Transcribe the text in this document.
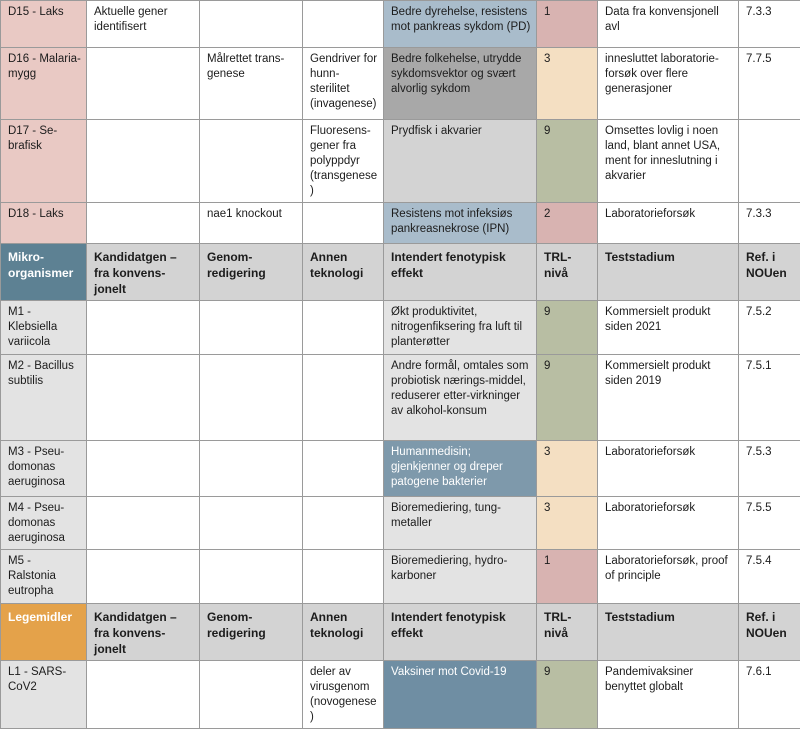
D15 - Laks	Aktuelle gener identifisert			Bedre dyrehelse, resistens mot pankreas sykdom (PD)	1	Data fra konvensjonell avl	7.3.3
D16 - Malaria-mygg		Målrettet trans-genese	Gendriver for hunn-sterilitet (invagenese)	Bedre folkehelse, utrydde sykdomsvektor og svært alvorlig sykdom	3	innesluttet laboratorie-forsøk over flere generasjoner	7.7.5
D17 - Se-brafisk			Fluoresens-gener fra polyppdyr (transgenese)	Prydfisk i akvarier	9	Omsettes lovlig i noen land, blant annet USA, ment for inneslutning i akvarier	
D18 - Laks		nae1 knockout		Resistens mot infeksiøs pankreasnekrose (IPN)	2	Laboratorieforsøk	7.3.3
Mikro-organismer	Kandidatgen – fra konvens-jonelt	Genom-redigering	Annen teknologi	Intendert fenotypisk effekt	TRL-nivå	Teststadium	Ref. i NOUen
M1 - Klebsiella variicola				Økt produktivitet, nitrogenfiksering fra luft til planterøtter	9	Kommersielt produkt siden 2021	7.5.2
M2 - Bacillus subtilis				Andre formål, omtales som probiotisk nærings-middel, reduserer etter-virkninger av alkohol-konsum	9	Kommersielt produkt siden 2019	7.5.1
M3 - Pseu-domonas aeruginosa				Humanmedisin; gjenkjenner og dreper patogene bakterier	3	Laboratorieforsøk	7.5.3
M4 - Pseu-domonas aeruginosa				Bioremediering, tung-metaller	3	Laboratorieforsøk	7.5.5
M5 - Ralstonia eutropha				Bioremediering, hydro-karboner	1	Laboratorieforsøk, proof of principle	7.5.4
Legemidler	Kandidatgen – fra konvens-jonelt	Genom-redigering	Annen teknologi	Intendert fenotypisk effekt	TRL-nivå	Teststadium	Ref. i NOUen
L1 - SARS-CoV2			deler av virusgenom (novogenese)	Vaksiner mot Covid-19	9	Pandemivaksiner benyttet globalt	7.6.1
